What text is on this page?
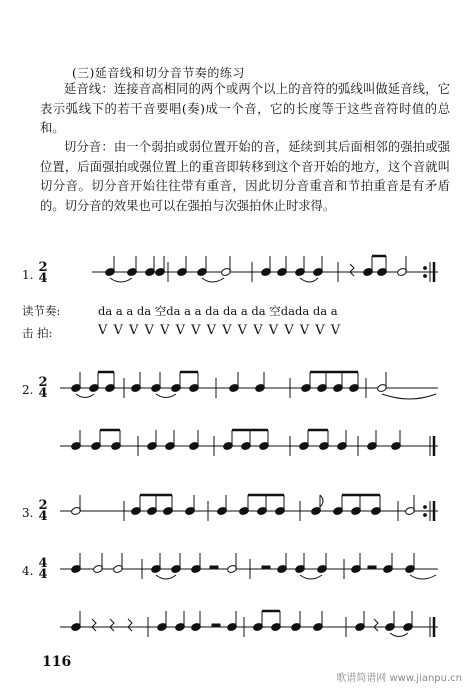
(三)延音线和切分音节奏的练习
延音线：连接音高相同的两个或两个以上的音符的弧线叫做延音线，它表示弧线下的若干音要唱(奏)成一个音，它的长度等于这些音符时值的总和。
切分音：由一个弱拍或弱位置开始的音，延续到其后面相邻的强拍或强位置，后面强拍或强位置上的重音即转移到这个音开始的地方，这个音就叫切分音。切分音开始往往带有重音，因此切分音重音和节拍重音是有矛盾的。切分音的效果也可以在强拍与次强拍休止时求得。
1. 2
4
读节奏:	da a a da 空da a a da da a da 空dada da a
击 拍:	V V V V V V V V V V V V V V V V
2. 2
4
3. 2
4
4. 4
4
116
歌谱简谱网 www.jianpu.cn
